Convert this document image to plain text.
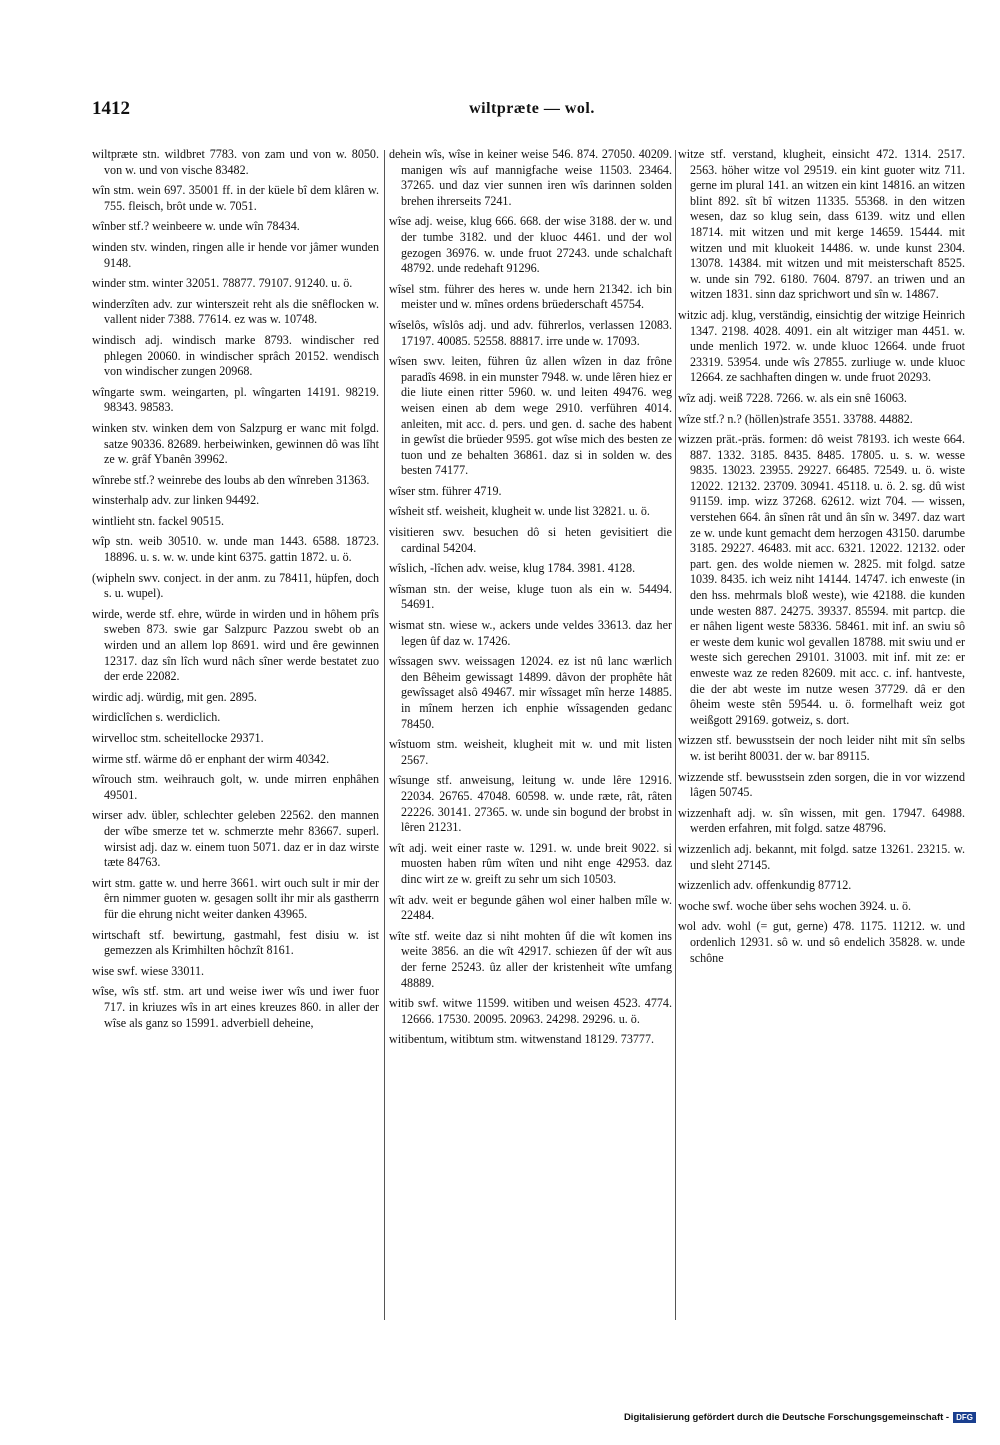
1412	wiltpræte — wol.

wiltpræte stn. wildbret 7783. von zam und von w. 8050. von w. und von vische 83482.

wîn stm. wein 697. 35001 ff. in der küele bî dem klâren w. 755. fleisch, brôt unde w. 7051.

wînber stf.? weinbeere w. unde wîn 78434.

winden stv. winden, ringen alle ir hende vor jâmer wunden 9148.

winder stm. winter 32051. 78877. 79107. 91240. u. ö.

winderzîten adv. zur winterszeit reht als die snêflocken w. vallent nider 7388. 77614. ez was w. 10748.

windisch adj. windisch marke 8793. windischer red phlegen 20060. in windischer sprâch 20152. wendisch von windischer zungen 20968.

wîngarte swm. weingarten, pl. wîngarten 14191. 98219. 98343. 98583.

winken stv. winken dem von Salzpurg er wanc mit folgd. satze 90336. 82689. herbeiwinken, gewinnen dô was lîht ze w. grâf Ybanên 39962.

wînrebe stf.? weinrebe des loubs ab den wînreben 31363.

winsterhalp adv. zur linken 94492.

wintlieht stn. fackel 90515.

wîp stn. weib 30510. w. unde man 1443. 6588. 18723. 18896. u. s. w. w. unde kint 6375. gattin 1872. u. ö.

(wipheln swv. conject. in der anm. zu 78411, hüpfen, doch s. u. wupel).

wirde, werde stf. ehre, würde in wirden und in hôhem prîs sweben 873. swie gar Salzpurc Pazzou swebt ob an wirden und an allem lop 8691. wird und êre gewinnen 12317. daz sîn lîch wurd nâch sîner werde bestatet zuo der erde 22082.

wirdic adj. würdig, mit gen. 2895.

wirdiclîchen s. werdiclich.

wirvelloc stm. scheitellocke 29371.

wirme stf. wärme dô er enphant der wirm 40342.

wîrouch stm. weihrauch golt, w. unde mirren enphâhen 49501.

wirser adv. übler, schlechter geleben 22562. den mannen der wîbe smerze tet w. schmerzte mehr 83667. superl. wirsist adj. daz w. einem tuon 5071. daz er in daz wirste tæte 84763.

wirt stm. gatte w. und herre 3661. wirt ouch sult ir mir der êrn nimmer guoten w. gesagen sollt ihr mir als gastherrn für die ehrung nicht weiter danken 43965.

wirtschaft stf. bewirtung, gastmahl, fest disiu w. ist gemezzen als Krimhilten hôchzît 8161.

wise swf. wiese 33011.

wîse, wîs stf. stm. art und weise iwer wîs und iwer fuor 717. in kriuzes wîs in art eines kreuzes 860. in aller der wîse als ganz so 15991. adverbiell deheine,

dehein wîs, wîse in keiner weise 546. 874. 27050. 40209. manigen wîs auf mannigfache weise 11503. 23464. 37265. und daz vier sunnen iren wîs darinnen solden brehen ihrerseits 7241.

wîse adj. weise, klug 666. 668. der wise 3188. der w. und der tumbe 3182. und der kluoc 4461. und der wol gezogen 36976. w. unde fruot 27243. unde schalchaft 48792. unde redehaft 91296.

wîsel stm. führer des heres w. unde hern 21342. ich bin meister und w. mînes ordens brüederschaft 45754.

wîselôs, wîslôs adj. und adv. führerlos, verlassen 12083. 17197. 40085. 52558. 88817. irre unde w. 17093.

wîsen swv. leiten, führen ûz allen wîzen in daz frône paradîs 4698. in ein munster 7948. w. unde lêren hiez er die liute einen ritter 5960. w. und leiten 49476. weg weisen einen ab dem wege 2910. verführen 4014. anleiten, mit acc. d. pers. und gen. d. sache des habent in gewîst die brüeder 9595. got wîse mich des besten ze tuon und ze behalten 36861. daz si in solden w. des besten 74177.

wîser stm. führer 4719.

wîsheit stf. weisheit, klugheit w. unde list 32821. u. ö.

visitieren swv. besuchen dô si heten gevisitiert die cardinal 54204.

wîslich, -lîchen adv. weise, klug 1784. 3981. 4128.

wîsman stn. der weise, kluge tuon als ein w. 54494. 54691.

wismat stn. wiese w., ackers unde veldes 33613. daz her legen ûf daz w. 17426.

wîssagen swv. weissagen 12024. ez ist nû lanc wærlich den Bêheim gewissagt 14899. dâvon der prophête hât gewîssaget alsô 49467. mir wîssaget mîn herze 14885. in mînem herzen ich enphie wîssagenden gedanc 78450.

wîstuom stm. weisheit, klugheit mit w. und mit listen 2567.

wîsunge stf. anweisung, leitung w. unde lêre 12916. 22034. 26765. 47048. 60598. w. unde ræte, rât, râten 22226. 30141. 27365. w. unde sin bogund der brobst in lêren 21231.

wît adj. weit einer raste w. 1291. w. unde breit 9022. si muosten haben rûm wîten und niht enge 42953. daz dinc wirt ze w. greift zu sehr um sich 10503.

wît adv. weit er begunde gâhen wol einer halben mîle w. 22484.

wîte stf. weite daz si niht mohten ûf die wît komen ins weite 3856. an die wît 42917. schiezen ûf der wît aus der ferne 25243. ûz aller der kristenheit wîte umfang 48889.

witib swf. witwe 11599. witiben und weisen 4523. 4774. 12666. 17530. 20095. 20963. 24298. 29296. u. ö.

witibentum, witibtum stm. witwenstand 18129. 73777.

witze stf. verstand, klugheit, einsicht 472. 1314. 2517. 2563. höher witze vol 29519. ein kint guoter witz 711. gerne im plural 141. an witzen ein kint 14816. an witzen blint 892. sît bî witzen 11335. 55368. in den witzen wesen, daz so klug sein, dass 6139. witz und ellen 18714. mit witzen und mit kerge 14659. 15444. mit witzen und mit kluokeit 14486. w. unde kunst 2304. 13078. 14384. mit witzen und mit meisterschaft 8525. w. unde sin 792. 6180. 7604. 8797. an triwen und an witzen 1831. sinn daz sprichwort und sîn w. 14867.

witzic adj. klug, verständig, einsichtig der witzige Heinrich 1347. 2198. 4028. 4091. ein alt witziger man 4451. w. unde menlich 1972. w. unde kluoc 12664. unde fruot 23319. 53954. unde wîs 27855. zurliuge w. unde kluoc 12664. ze sachhaften dingen w. unde fruot 20293.

wîz adj. weiß 7228. 7266. w. als ein snê 16063.

wîze stf.? n.? (höllen)strafe 3551. 33788. 44882.

wizzen prät.-präs. formen: dô weist 78193. ich weste 664. 887. 1332. 3185. 8435. 8485. 17805. u. s. w. wesse 9835. 13023. 23955. 29227. 66485. 72549. u. ö. wiste 12022. 12132. 23709. 30941. 45118. u. ö. 2. sg. dû wist 91159. imp. wizz 37268. 62612. wizt 704. — wissen, verstehen 664. ân sînen rât und ân sîn w. 3497. daz wart ze w. unde kunt gemacht dem herzogen 43150. darumbe 3185. 29227. 46483. mit acc. 6321. 12022. 12132. oder part. gen. des wolde niemen w. 2825. mit folgd. satze 1039. 8435. ich weiz niht 14144. 14747. ich enweste (in den hss. mehrmals bloß weste), wie 42188. die kunden unde westen 887. 24275. 39337. 85594. mit partcp. die er nâhen ligent weste 58336. 58461. mit inf. an swiu sô er weste dem kunic wol gevallen 18788. mit swiu und er weste sich gerechen 29101. 31003. mit inf. mit ze: er enweste waz ze reden 82609. mit acc. c. inf. hantveste, die der abt weste im nutze wesen 37729. dâ er den ôheim weste stên 59544. u. ö. formelhaft weiz got weißgott 29169. gotweiz, s. dort.

wizzen stf. bewusstsein der noch leider niht mit sîn selbs w. ist beriht 80031. der w. bar 89115.

wizzende stf. bewusstsein zden sorgen, die in vor wizzend lâgen 50745.

wizzenhaft adj. w. sîn wissen, mit gen. 17947. 64988. werden erfahren, mit folgd. satze 48796.

wizzenlich adj. bekannt, mit folgd. satze 13261. 23215. w. und sleht 27145.

wizzenlich adv. offenkundig 87712.

woche swf. woche über sehs wochen 3924. u. ö.

wol adv. wohl (= gut, gerne) 478. 1175. 11212. w. und ordenlich 12931. sô w. und sô endelich 35828. w. unde schône

Digitalisierung gefördert durch die Deutsche Forschungsgemeinschaft - DFG
